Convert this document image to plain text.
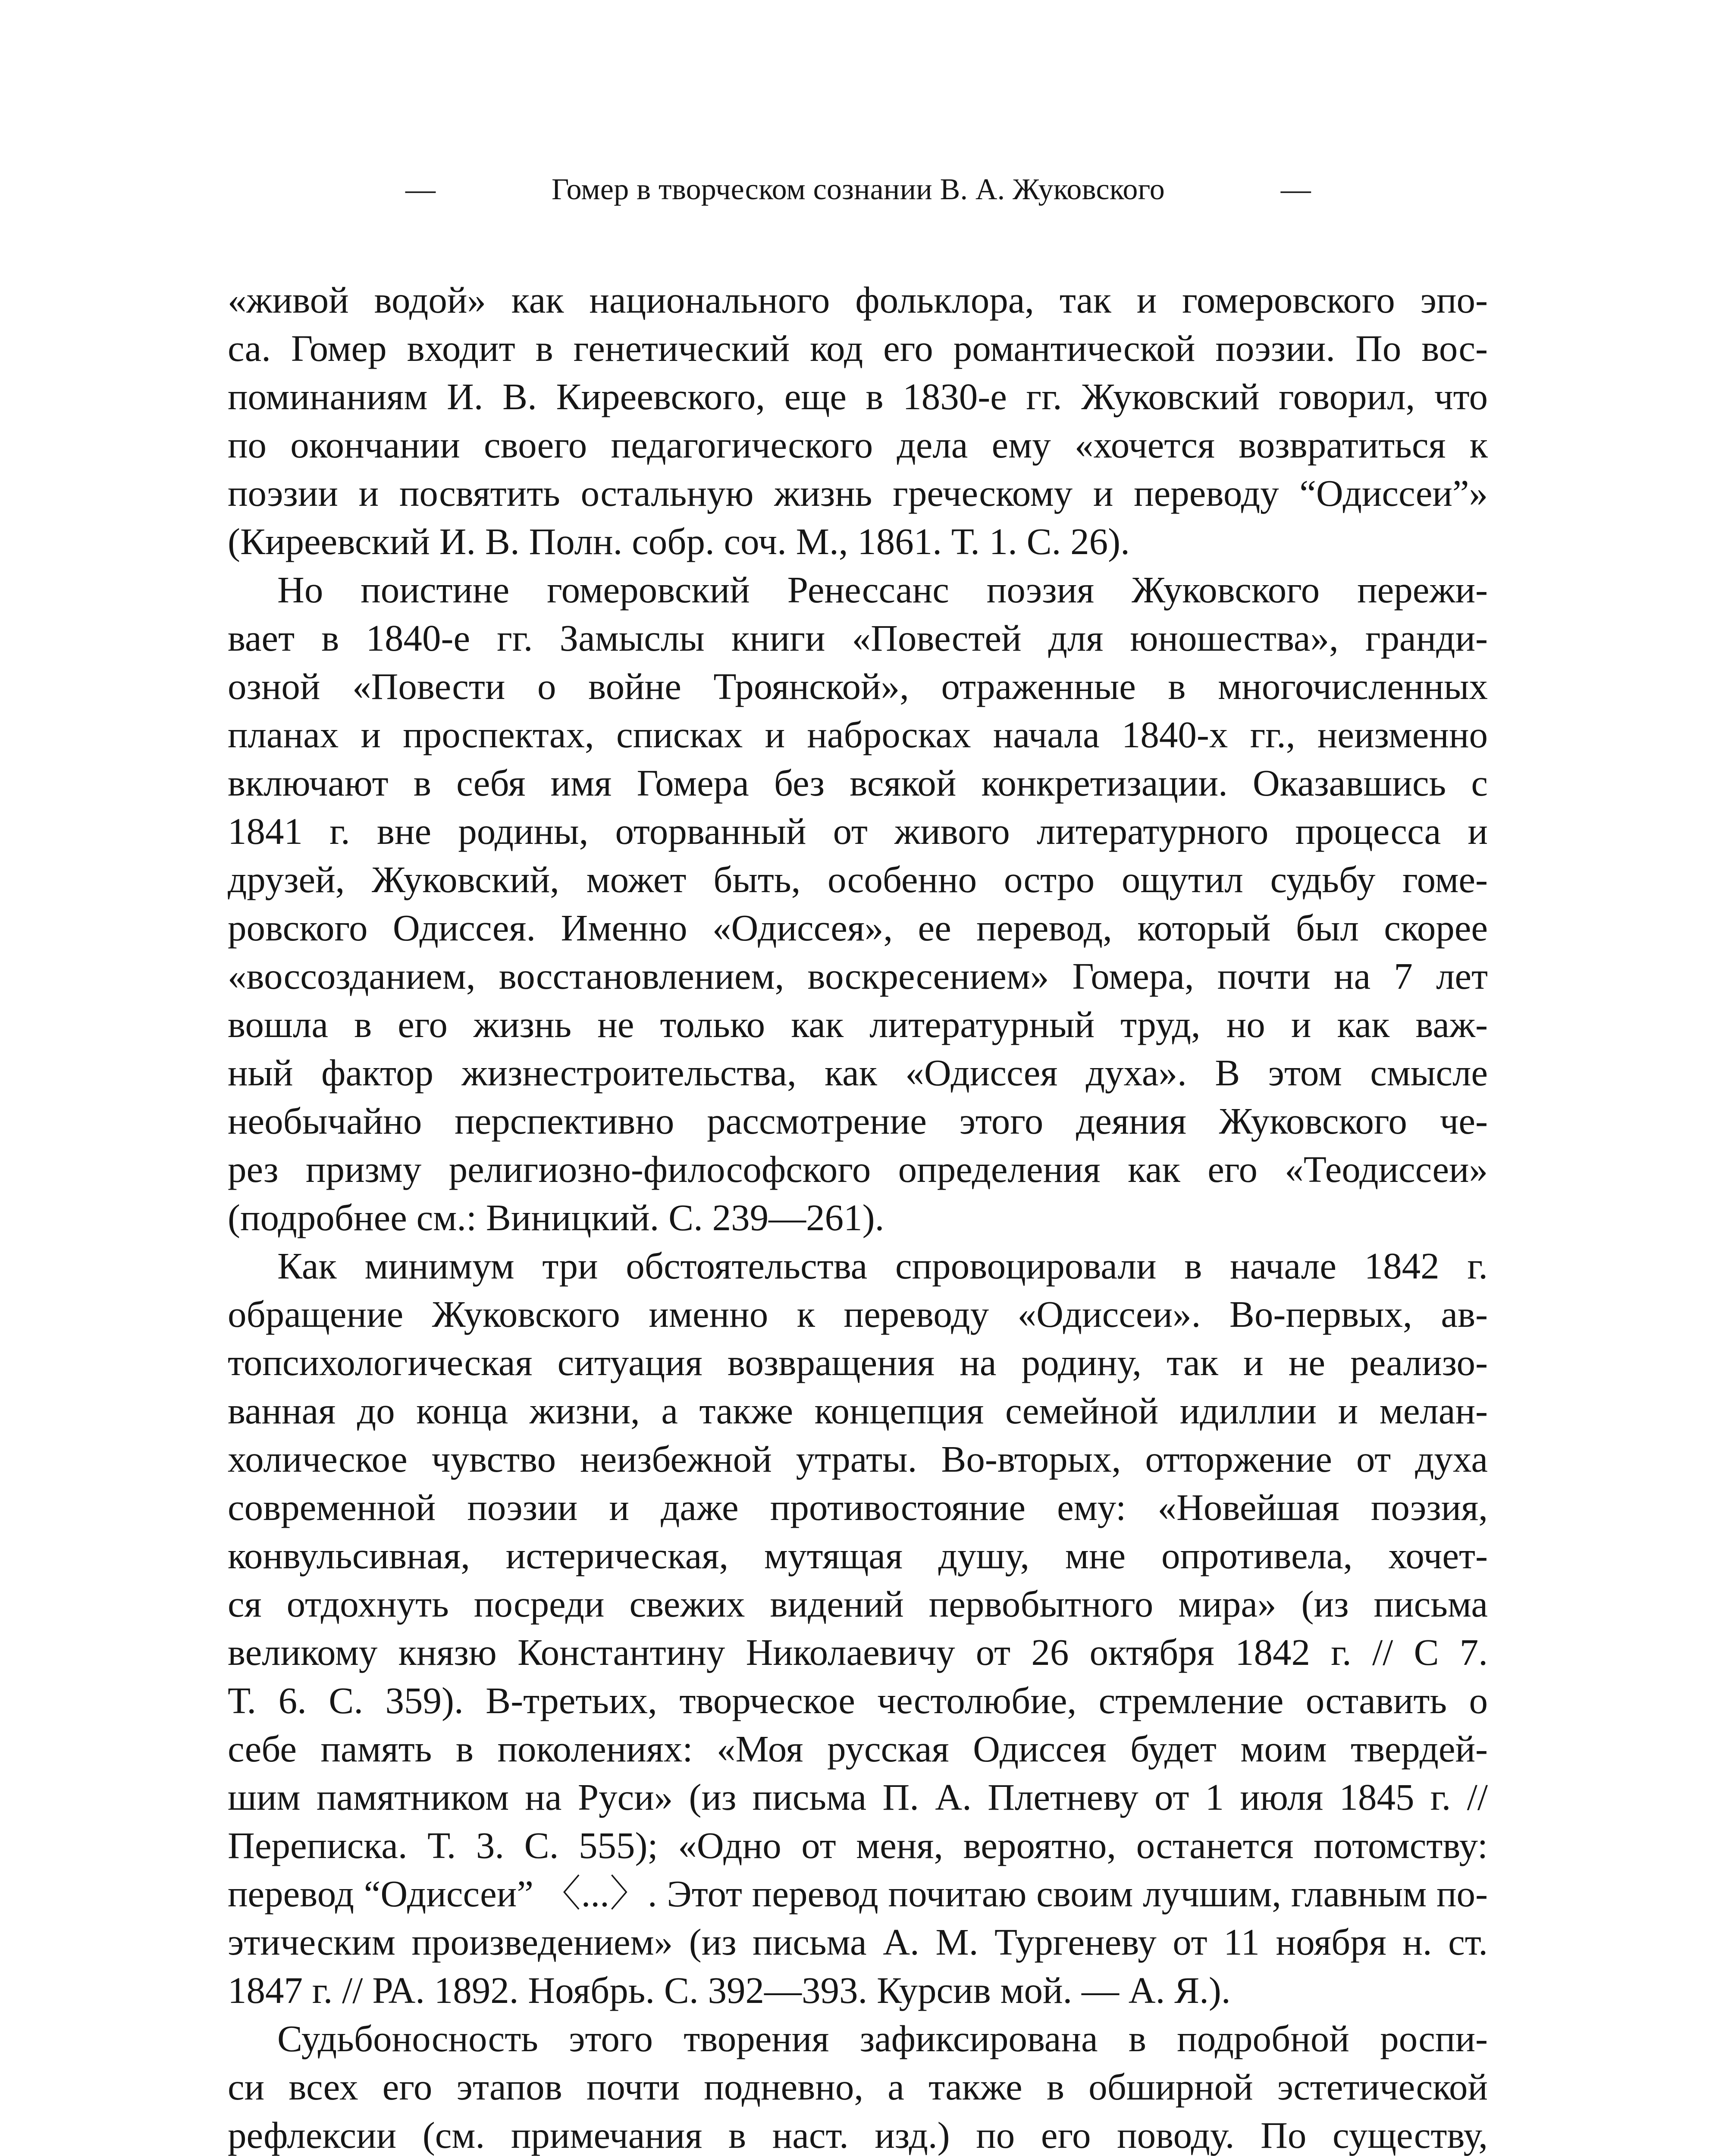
—	Гомер в творческом сознании В. А. Жуковского	—
«живой водой» как национального фольклора, так и гомеровского эпо-
са. Гомер входит в генетический код его романтической поэзии. По вос-
поминаниям И. В. Киреевского, еще в 1830-е гг. Жуковский говорил, что
по окончании своего педагогического дела ему «хочется возвратиться к
поэзии и посвятить остальную жизнь греческому и переводу “Одиссеи”»
(Киреевский И. В. Полн. собр. соч. М., 1861. Т. 1. С. 26).
Но поистине гомеровский Ренессанс поэзия Жуковского пережи-
вает в 1840-е гг. Замыслы книги «Повестей для юношества», гранди-
озной «Повести о войне Троянской», отраженные в многочисленных
планах и проспектах, списках и набросках начала 1840-х гг., неизменно
включают в себя имя Гомера без всякой конкретизации. Оказавшись с
1841 г. вне родины, оторванный от живого литературного процесса и
друзей, Жуковский, может быть, особенно остро ощутил судьбу гоме-
ровского Одиссея. Именно «Одиссея», ее перевод, который был скорее
«воссозданием, восстановлением, воскресением» Гомера, почти на 7 лет
вошла в его жизнь не только как литературный труд, но и как важ-
ный фактор жизнестроительства, как «Одиссея духа». В этом смысле
необычайно перспективно рассмотрение этого деяния Жуковского че-
рез призму религиозно-философского определения как его «Теодиссеи»
(подробнее см.: Виницкий. С. 239—261).
Как минимум три обстоятельства спровоцировали в начале 1842 г.
обращение Жуковского именно к переводу «Одиссеи». Во-первых, ав-
топсихологическая ситуация возвращения на родину, так и не реализо-
ванная до конца жизни, а также концепция семейной идиллии и мелан-
холическое чувство неизбежной утраты. Во-вторых, отторжение от духа
современной поэзии и даже противостояние ему: «Новейшая поэзия,
конвульсивная, истерическая, мутящая душу, мне опротивела, хочет-
ся отдохнуть посреди свежих видений первобытного мира» (из письма
великому князю Константину Николаевичу от 26 октября 1842 г. // С 7.
Т. 6. С. 359). В-третьих, творческое честолюбие, стремление оставить о
себе память в поколениях: «Моя русская Одиссея будет моим твердей-
шим памятником на Руси» (из письма П. А. Плетневу от 1 июля 1845 г. //
Переписка. Т. 3. С. 555); «Одно от меня, вероятно, останется потомству:
перевод “Одиссеи” 〈...〉. Этот перевод почитаю своим лучшим, главным по-
этическим произведением» (из письма А. М. Тургеневу от 11 ноября н. ст.
1847 г. // РА. 1892. Ноябрь. С. 392—393. Курсив мой. — А. Я.).
Судьбоносность этого творения зафиксирована в подробной роспи-
си всех его этапов почти подневно, а также в обширной эстетической
рефлексии (см. примечания в наст. изд.) по его поводу. По существу,
